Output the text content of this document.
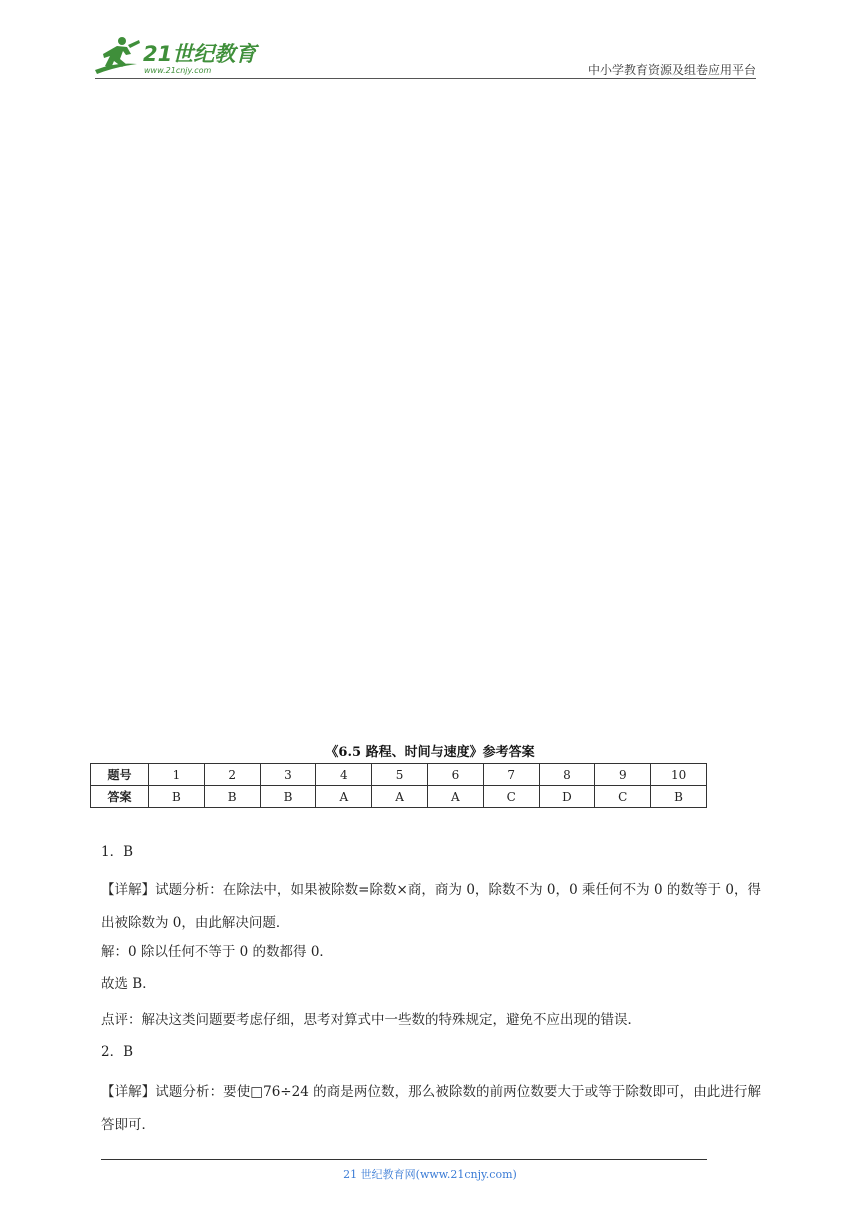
21世纪教育
www.21cnjy.com	中小学教育资源及组卷应用平台
《6.5 路程、时间与速度》参考答案
题号	1	2	3	4	5	6	7	8	9	10
答案	B	B	B	A	A	A	C	D	C	B
1．B
【详解】试题分析：在除法中，如果被除数=除数×商，商为 0，除数不为 0，0 乘任何不为 0 的数等于 0，得出被除数为 0，由此解决问题．
解：0 除以任何不等于 0 的数都得 0．
故选 B．
点评：解决这类问题要考虑仔细，思考对算式中一些数的特殊规定，避免不应出现的错误．
2．B
【详解】试题分析：要使□76÷24 的商是两位数，那么被除数的前两位数要大于或等于除数即可，由此进行解答即可．
21 世纪教育网(www.21cnjy.com)
